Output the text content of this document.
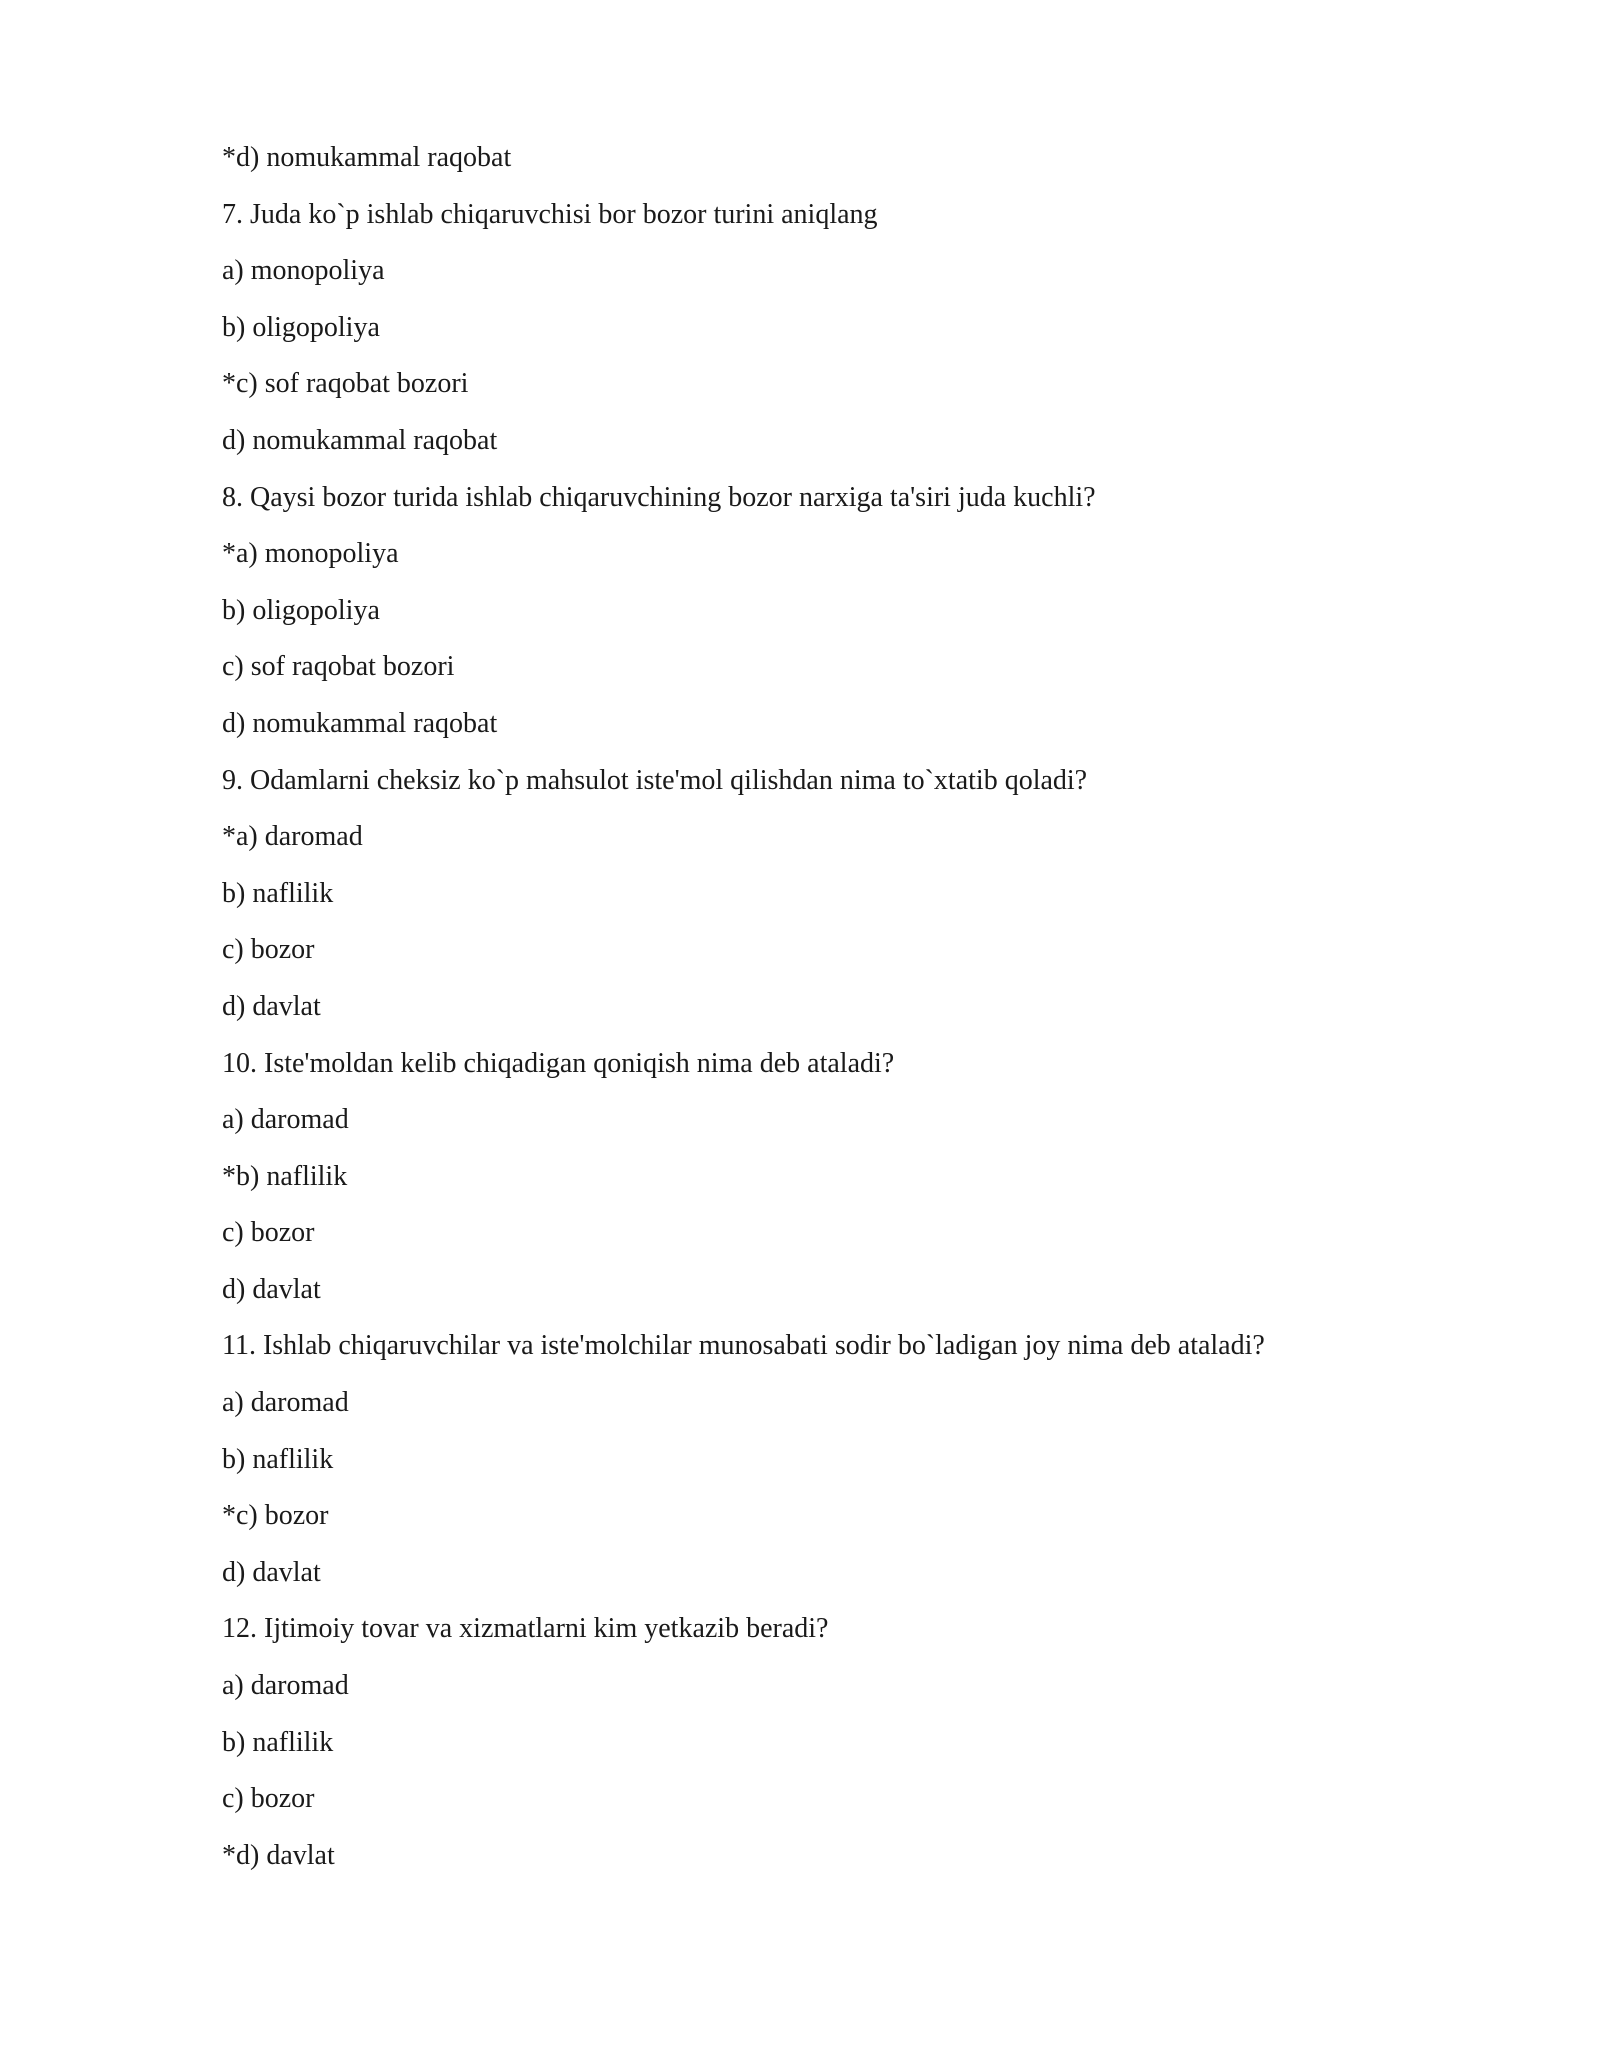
*d) nomukammal raqobat

7. Juda ko`p ishlab chiqaruvchisi bor bozor turini aniqlang

a) monopoliya

b) oligopoliya

*c) sof raqobat bozori

d) nomukammal raqobat

8. Qaysi bozor turida ishlab chiqaruvchining bozor narxiga ta'siri juda kuchli?

*a) monopoliya

b) oligopoliya

c) sof raqobat bozori

d) nomukammal raqobat

9. Odamlarni cheksiz ko`p mahsulot iste'mol qilishdan nima to`xtatib qoladi?

*a) daromad

b) naflilik

c) bozor

d) davlat

10. Iste'moldan kelib chiqadigan qoniqish nima deb ataladi?

a) daromad

*b) naflilik

c) bozor

d) davlat

11. Ishlab chiqaruvchilar va iste'molchilar munosabati sodir bo`ladigan joy nima deb ataladi?

a) daromad

b) naflilik

*c) bozor

d) davlat

12. Ijtimoiy tovar va xizmatlarni kim yetkazib beradi?

a) daromad

b) naflilik

c) bozor

*d) davlat
